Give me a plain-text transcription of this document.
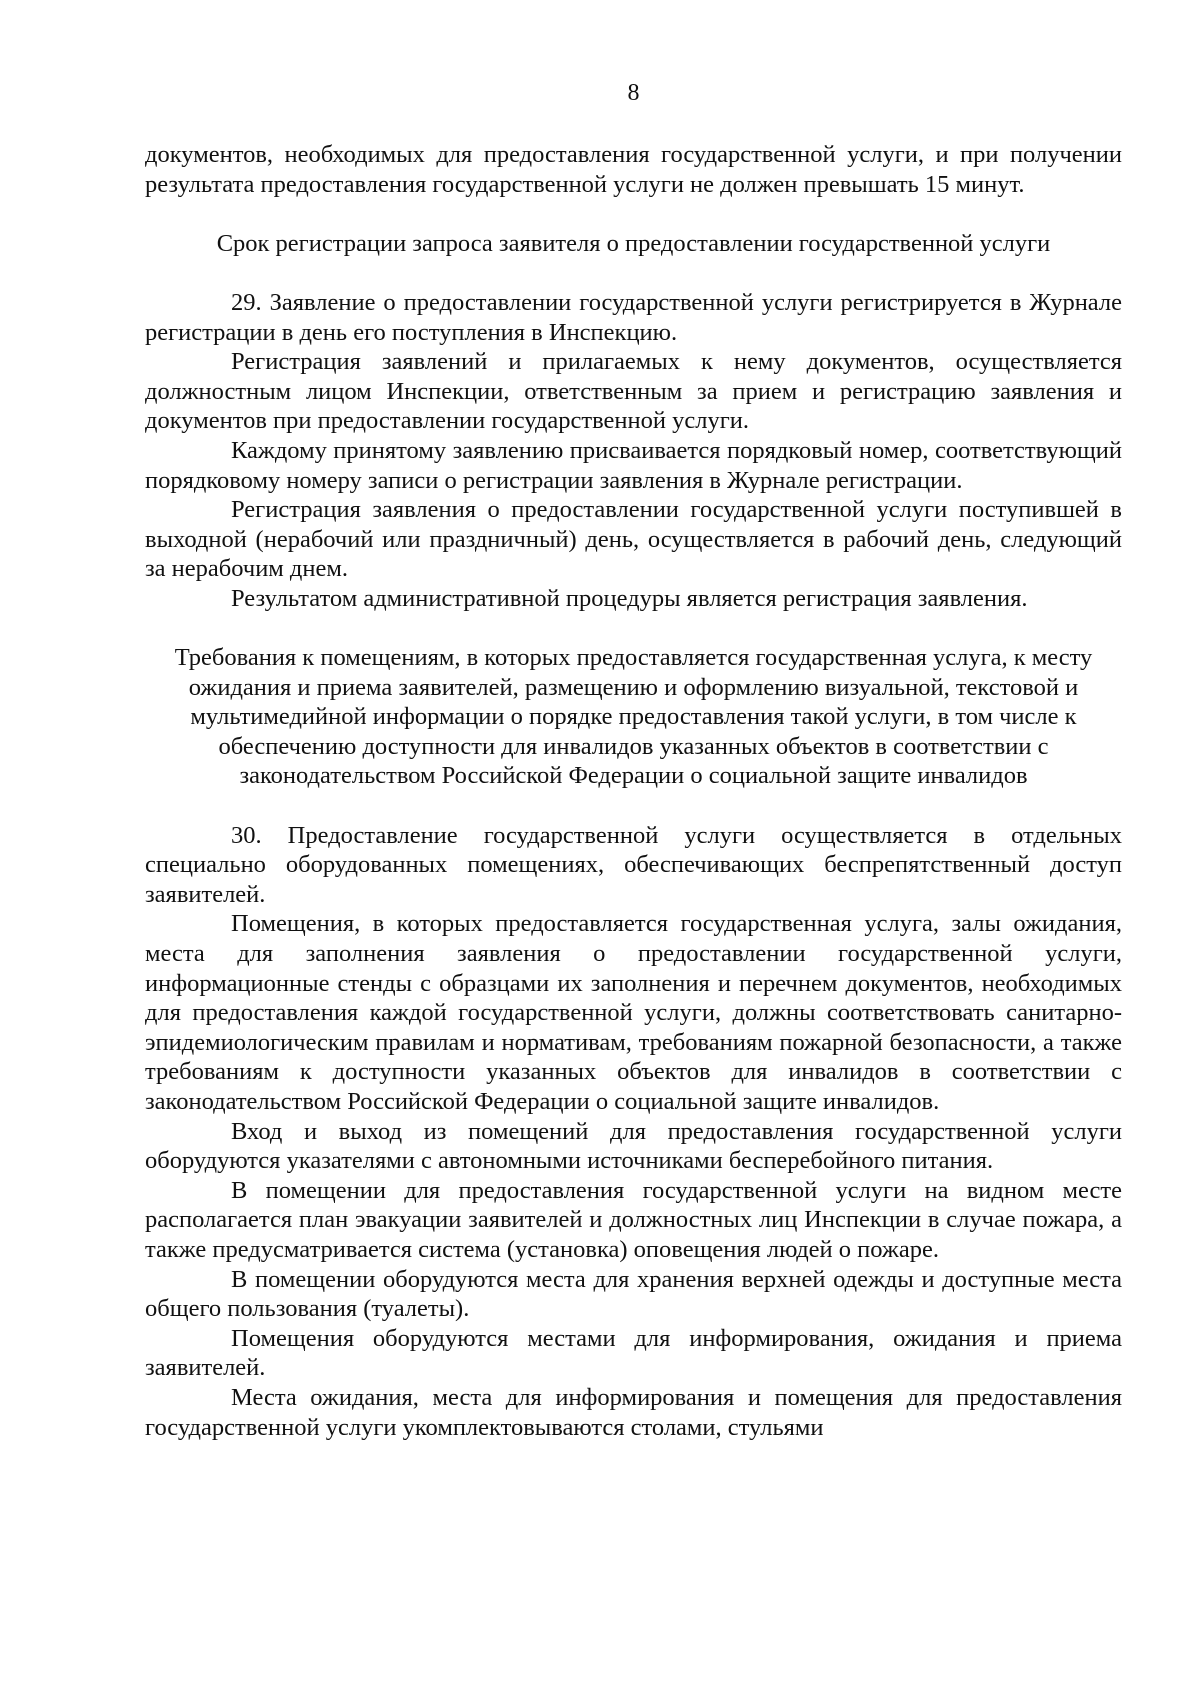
8

документов, необходимых для предоставления государственной услуги, и при получении результата предоставления государственной услуги не должен превышать 15 минут.

Срок регистрации запроса заявителя о предоставлении государственной услуги

29. Заявление о предоставлении государственной услуги регистрируется в Журнале регистрации в день его поступления в Инспекцию.

Регистрация заявлений и прилагаемых к нему документов, осуществляется должностным лицом Инспекции, ответственным за прием и регистрацию заявления и документов при предоставлении государственной услуги.

Каждому принятому заявлению присваивается порядковый номер, соответствующий порядковому номеру записи о регистрации заявления в Журнале регистрации.

Регистрация заявления о предоставлении государственной услуги поступившей в выходной (нерабочий или праздничный) день, осуществляется в рабочий день, следующий за нерабочим днем.

Результатом административной процедуры является регистрация заявления.

Требования к помещениям, в которых предоставляется государственная услуга, к месту ожидания и приема заявителей, размещению и оформлению визуальной, текстовой и мультимедийной информации о порядке предоставления такой услуги, в том числе к обеспечению доступности для инвалидов указанных объектов в соответствии с законодательством Российской Федерации о социальной защите инвалидов

30. Предоставление государственной услуги осуществляется в отдельных специально оборудованных помещениях, обеспечивающих беспрепятственный доступ заявителей.

Помещения, в которых предоставляется государственная услуга, залы ожидания, места для заполнения заявления о предоставлении государственной услуги, информационные стенды с образцами их заполнения и перечнем документов, необходимых для предоставления каждой государственной услуги, должны соответствовать санитарно-эпидемиологическим правилам и нормативам, требованиям пожарной безопасности, а также требованиям к доступности указанных объектов для инвалидов в соответствии с законодательством Российской Федерации о социальной защите инвалидов.

Вход и выход из помещений для предоставления государственной услуги оборудуются указателями с автономными источниками бесперебойного питания.

В помещении для предоставления государственной услуги на видном месте располагается план эвакуации заявителей и должностных лиц Инспекции в случае пожара, а также предусматривается система (установка) оповещения людей о пожаре.

В помещении оборудуются места для хранения верхней одежды и доступные места общего пользования (туалеты).

Помещения оборудуются местами для информирования, ожидания и приема заявителей.

Места ожидания, места для информирования и помещения для предоставления государственной услуги укомплектовываются столами, стульями
